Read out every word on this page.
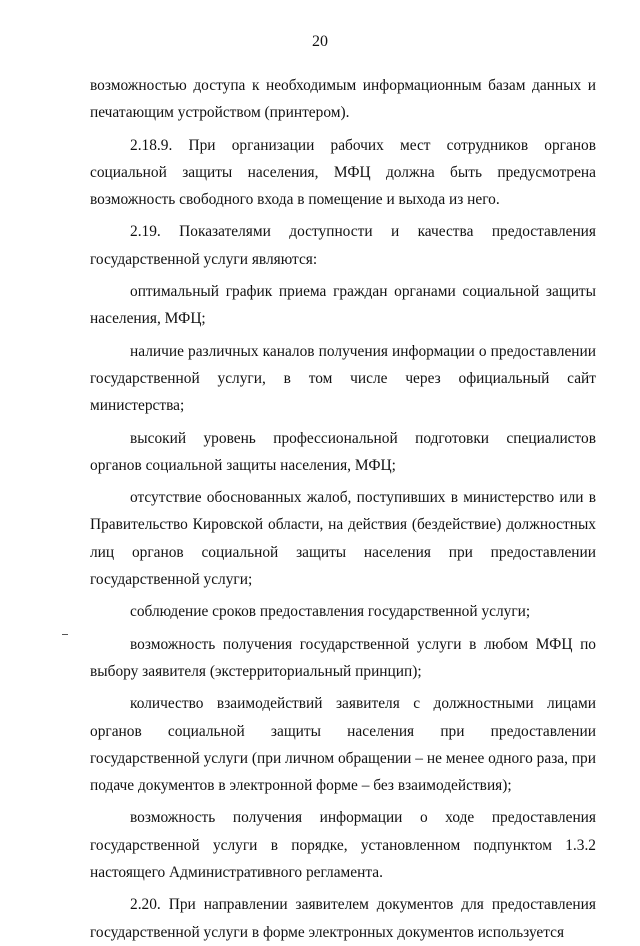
20

возможностью доступа к необходимым информационным базам данных и печатающим устройством (принтером).

2.18.9. При организации рабочих мест сотрудников органов социальной защиты населения, МФЦ должна быть предусмотрена возможность свободного входа в помещение и выхода из него.

2.19. Показателями доступности и качества предоставления государственной услуги являются:

оптимальный график приема граждан органами социальной защиты населения, МФЦ;

наличие различных каналов получения информации о предоставлении государственной услуги, в том числе через официальный сайт министерства;

высокий уровень профессиональной подготовки специалистов органов социальной защиты населения, МФЦ;

отсутствие обоснованных жалоб, поступивших в министерство или в Правительство Кировской области, на действия (бездействие) должностных лиц органов социальной защиты населения при предоставлении государственной услуги;

соблюдение сроков предоставления государственной услуги;

возможность получения государственной услуги в любом МФЦ по выбору заявителя (экстерриториальный принцип);

количество взаимодействий заявителя с должностными лицами органов социальной защиты населения при предоставлении государственной услуги (при личном обращении – не менее одного раза, при подаче документов в электронной форме – без взаимодействия);

возможность получения информации о ходе предоставления государственной услуги в порядке, установленном подпунктом 1.3.2 настоящего Административного регламента.

2.20. При направлении заявителем документов для предоставления государственной услуги в форме электронных документов используется
